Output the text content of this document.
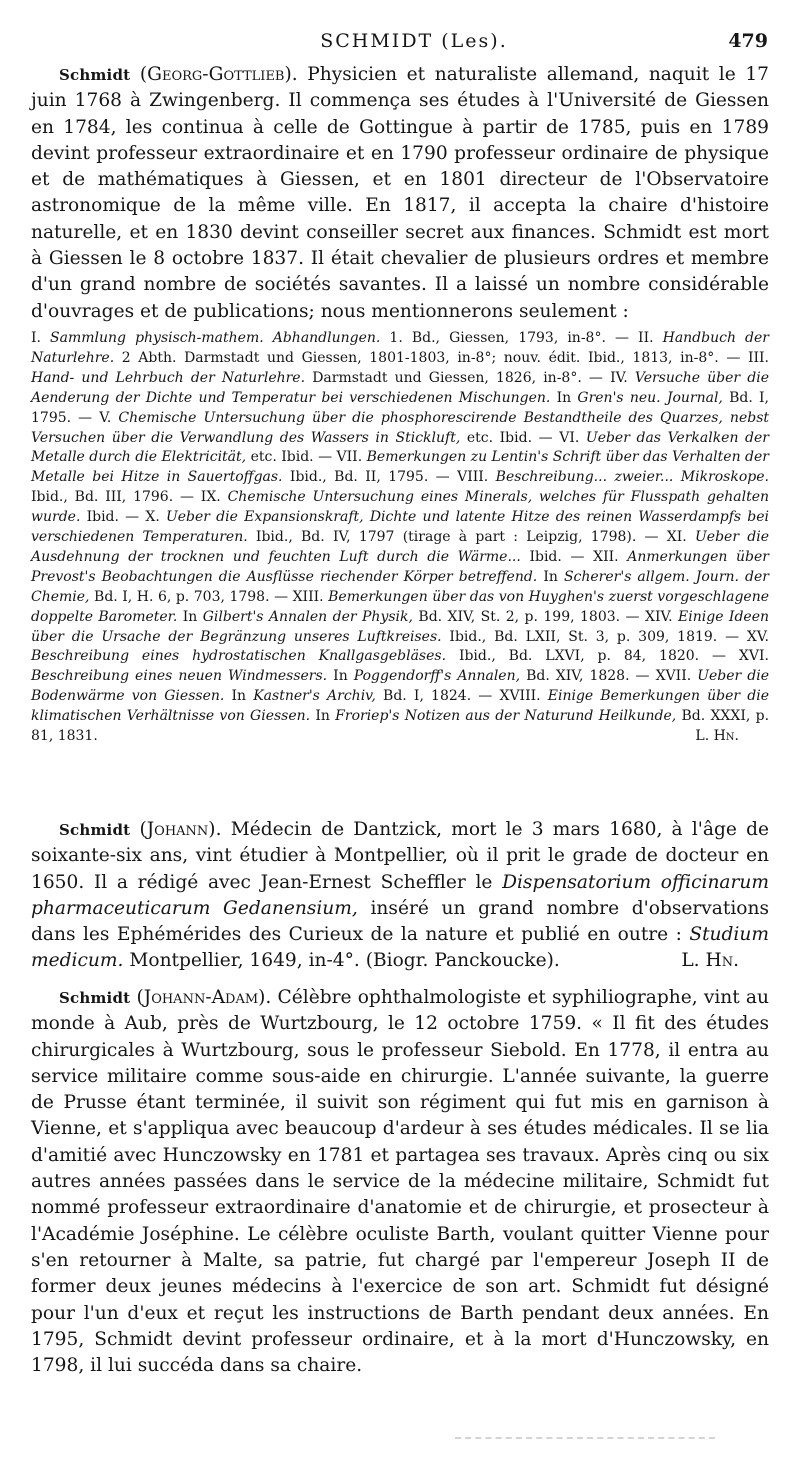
SCHMIDT (Les).	479

Schmidt (Georg-Gottlieb). Physicien et naturaliste allemand, naquit le 17 juin 1768 à Zwingenberg. Il commença ses études à l'Université de Giessen en 1784, les continua à celle de Gottingue à partir de 1785, puis en 1789 devint professeur extraordinaire et en 1790 professeur ordinaire de physique et de mathématiques à Giessen, et en 1801 directeur de l'Observatoire astronomique de la même ville. En 1817, il accepta la chaire d'histoire naturelle, et en 1830 devint conseiller secret aux finances. Schmidt est mort à Giessen le 8 octobre 1837. Il était chevalier de plusieurs ordres et membre d'un grand nombre de sociétés savantes. Il a laissé un nombre considérable d'ouvrages et de publications; nous mentionnerons seulement :

I. Sammlung physisch-mathem. Abhandlungen. 1. Bd., Giessen, 1793, in-8°. — II. Handbuch der Naturlehre. 2 Abth. Darmstadt und Giessen, 1801-1803, in-8°; nouv. édit. Ibid., 1813, in-8°. — III. Hand- und Lehrbuch der Naturlehre. Darmstadt und Giessen, 1826, in-8°. — IV. Versuche über die Aenderung der Dichte und Temperatur bei verschiedenen Mischungen. In Gren's neu. Journal, Bd. I, 1795. — V. Chemische Untersuchung über die phosphorescirende Bestandtheile des Quarzes, nebst Versuchen über die Verwandlung des Wassers in Stickluft, etc. Ibid. — VI. Ueber das Verkalken der Metalle durch die Elektricität, etc. Ibid. — VII. Bemerkungen zu Lentin's Schrift über das Verhalten der Metalle bei Hitze in Sauertoffgas. Ibid., Bd. II, 1795. — VIII. Beschreibung... zweier... Mikroskope. Ibid., Bd. III, 1796. — IX. Chemische Untersuchung eines Minerals, welches für Flusspath gehalten wurde. Ibid. — X. Ueber die Expansionskraft, Dichte und latente Hitze des reinen Wasserdampfs bei verschiedenen Temperaturen. Ibid., Bd. IV, 1797 (tirage à part : Leipzig, 1798). — XI. Ueber die Ausdehnung der trocknen und feuchten Luft durch die Wärme... Ibid. — XII. Anmerkungen über Prevost's Beobachtungen die Ausflüsse riechender Körper betreffend. In Scherer's allgem. Journ. der Chemie, Bd. I, H. 6, p. 703, 1798. — XIII. Bemerkungen über das von Huyghen's zuerst vorgeschlagene doppelte Barometer. In Gilbert's Annalen der Physik, Bd. XIV, St. 2, p. 199, 1803. — XIV. Einige Ideen über die Ursache der Begränzung unseres Luftkreises. Ibid., Bd. LXII, St. 3, p. 309, 1819. — XV. Beschreibung eines hydrostatischen Knallgasgebläses. Ibid., Bd. LXVI, p. 84, 1820. — XVI. Beschreibung eines neuen Windmessers. In Poggendorff's Annalen, Bd. XIV, 1828. — XVII. Ueber die Bodenwärme von Giessen. In Kastner's Archiv, Bd. I, 1824. — XVIII. Einige Bemerkungen über die klimatischen Verhältnisse von Giessen. In Froriep's Notizen aus der Naturund Heilkunde, Bd. XXXI, p. 81, 1831.	L. Hn.

Schmidt (Johann). Médecin de Dantzick, mort le 3 mars 1680, à l'âge de soixante-six ans, vint étudier à Montpellier, où il prit le grade de docteur en 1650. Il a rédigé avec Jean-Ernest Scheffler le Dispensatorium officinarum pharmaceuticarum Gedanensium, inséré un grand nombre d'observations dans les Ephémérides des Curieux de la nature et publié en outre : Studium medicum. Montpellier, 1649, in-4°. (Biogr. Panckoucke).	L. Hn.

Schmidt (Johann-Adam). Célèbre ophthalmologiste et syphiliographe, vint au monde à Aub, près de Wurtzbourg, le 12 octobre 1759. « Il fit des études chirurgicales à Wurtzbourg, sous le professeur Siebold. En 1778, il entra au service militaire comme sous-aide en chirurgie. L'année suivante, la guerre de Prusse étant terminée, il suivit son régiment qui fut mis en garnison à Vienne, et s'appliqua avec beaucoup d'ardeur à ses études médicales. Il se lia d'amitié avec Hunczowsky en 1781 et partagea ses travaux. Après cinq ou six autres années passées dans le service de la médecine militaire, Schmidt fut nommé professeur extraordinaire d'anatomie et de chirurgie, et prosecteur à l'Académie Joséphine. Le célèbre oculiste Barth, voulant quitter Vienne pour s'en retourner à Malte, sa patrie, fut chargé par l'empereur Joseph II de former deux jeunes médecins à l'exercice de son art. Schmidt fut désigné pour l'un d'eux et reçut les instructions de Barth pendant deux années. En 1795, Schmidt devint professeur ordinaire, et à la mort d'Hunczowsky, en 1798, il lui succéda dans sa chaire.
